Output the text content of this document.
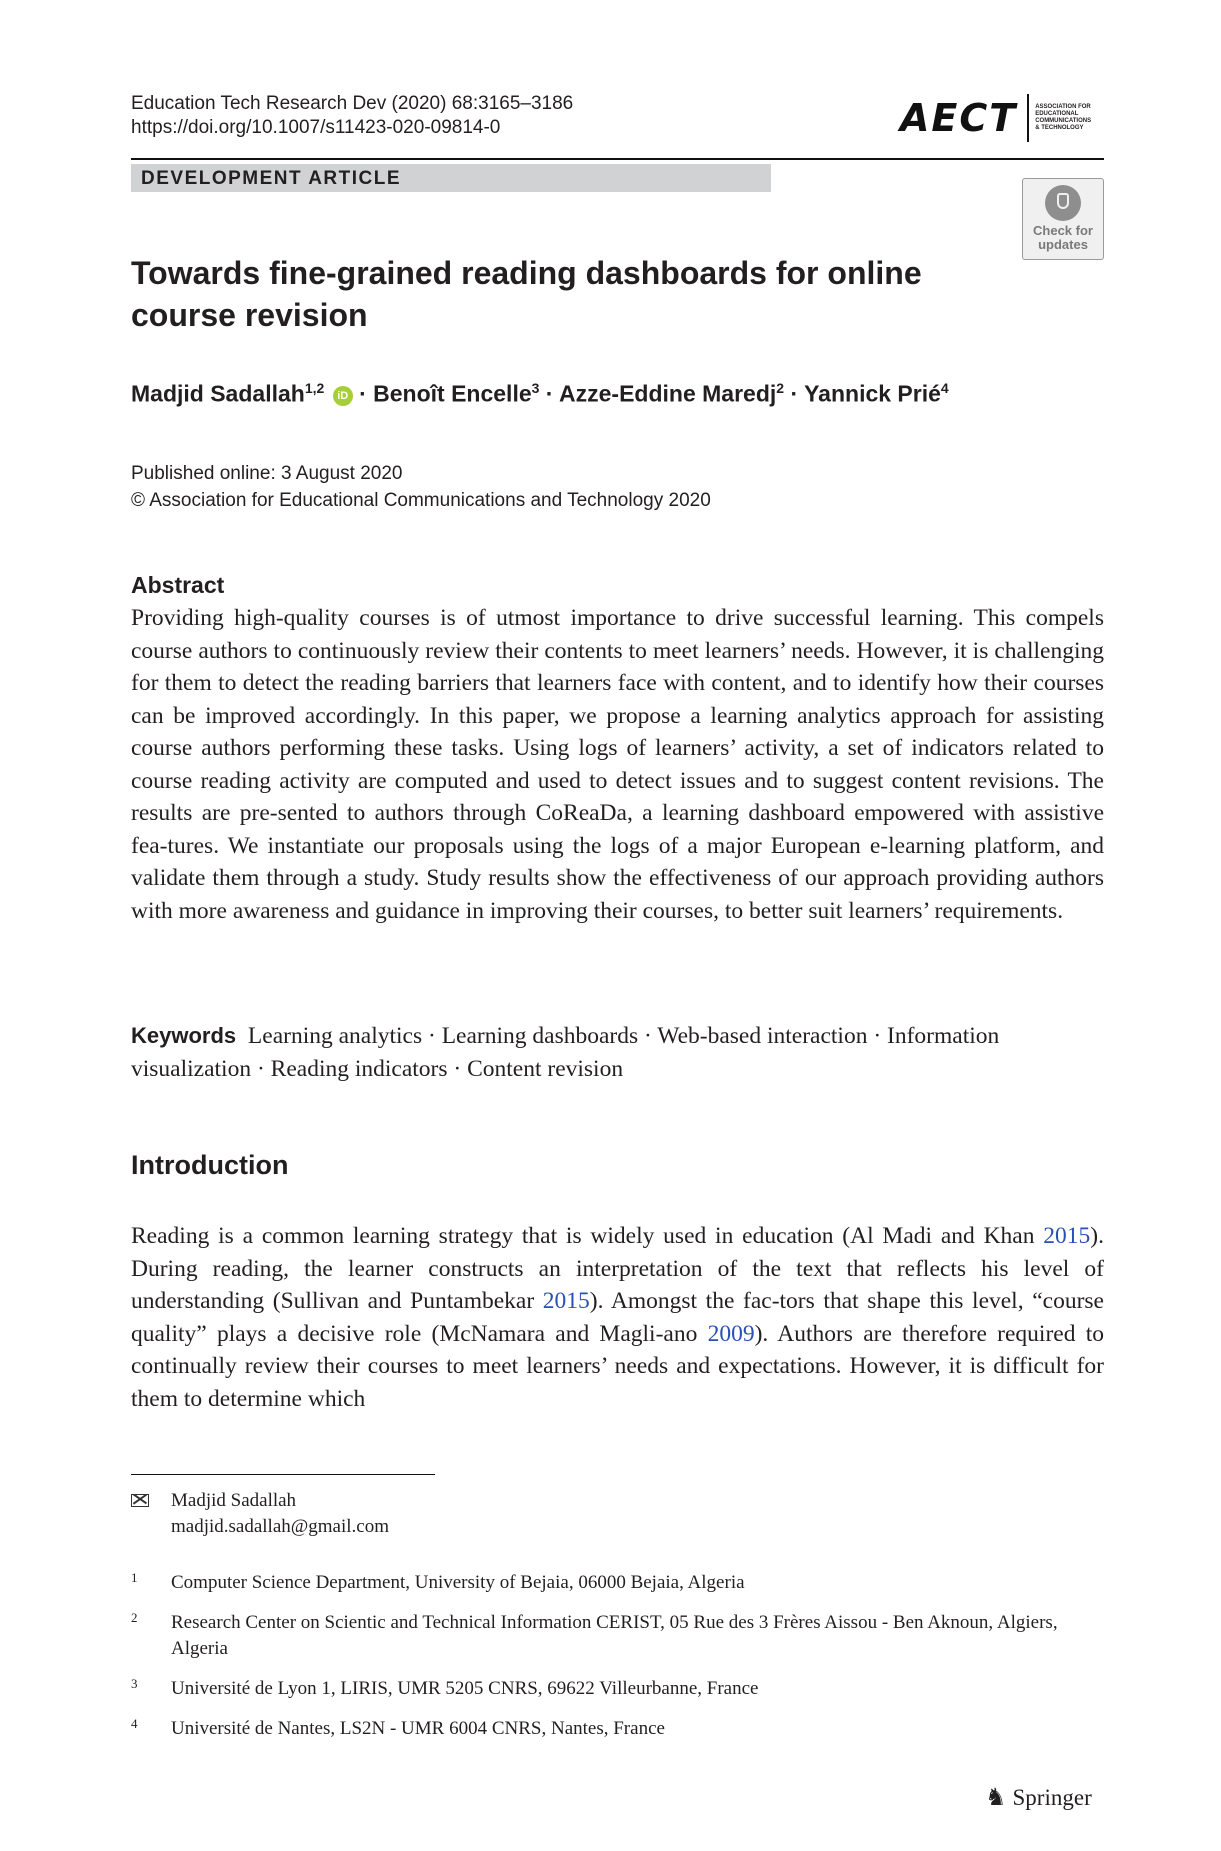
Education Tech Research Dev (2020) 68:3165–3186
https://doi.org/10.1007/s11423-020-09814-0	AECT	ASSOCIATION FOR EDUCATIONAL COMMUNICATIONS & TECHNOLOGY
DEVELOPMENT ARTICLE
Check for updates
Towards fine-grained reading dashboards for online course revision
Madjid Sadallah$^{1,2}$ iD · Benoît Encelle$^3$ · Azze-Eddine Maredj$^2$ · Yannick Prié$^4$
Published online: 3 August 2020
© Association for Educational Communications and Technology 2020
Abstract

Providing high-quality courses is of utmost importance to drive successful learning. This compels course authors to continuously review their contents to meet learners’ needs. However, it is challenging for them to detect the reading barriers that learners face with content, and to identify how their courses can be improved accordingly. In this paper, we propose a learning analytics approach for assisting course authors performing these tasks. Using logs of learners’ activity, a set of indicators related to course reading activity are computed and used to detect issues and to suggest content revisions. The results are pre-sented to authors through CoReaDa, a learning dashboard empowered with assistive fea-tures. We instantiate our proposals using the logs of a major European e-learning platform, and validate them through a study. Study results show the effectiveness of our approach providing authors with more awareness and guidance in improving their courses, to better suit learners’ requirements.

Keywords Learning analytics · Learning dashboards · Web-based interaction · Information visualization · Reading indicators · Content revision

Introduction

Reading is a common learning strategy that is widely used in education (Al Madi and Khan 2015). During reading, the learner constructs an interpretation of the text that reflects his level of understanding (Sullivan and Puntambekar 2015). Amongst the fac-tors that shape this level, “course quality” plays a decisive role (McNamara and Magli-ano 2009). Authors are therefore required to continually review their courses to meet learners’ needs and expectations. However, it is difficult for them to determine which

Madjid Sadallah
madjid.sadallah@gmail.com
1 Computer Science Department, University of Bejaia, 06000 Bejaia, Algeria
2 Research Center on Scientic and Technical Information CERIST, 05 Rue des 3 Frères Aissou - Ben Aknoun, Algiers, Algeria
3 Université de Lyon 1, LIRIS, UMR 5205 CNRS, 69622 Villeurbanne, France
4 Université de Nantes, LS2N - UMR 6004 CNRS, Nantes, France
♞ Springer
